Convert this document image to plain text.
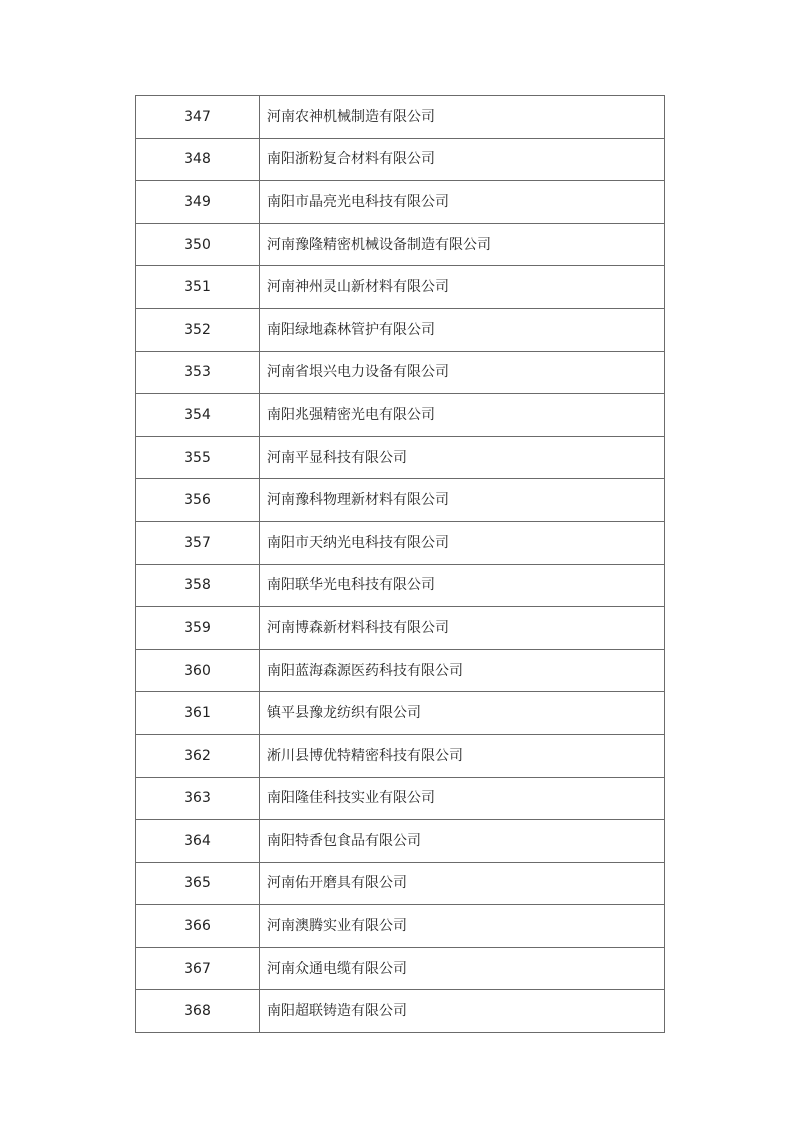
347	河南农神机械制造有限公司
348	南阳浙粉复合材料有限公司
349	南阳市晶亮光电科技有限公司
350	河南豫隆精密机械设备制造有限公司
351	河南神州灵山新材料有限公司
352	南阳绿地森林管护有限公司
353	河南省垠兴电力设备有限公司
354	南阳兆强精密光电有限公司
355	河南平显科技有限公司
356	河南豫科物理新材料有限公司
357	南阳市天纳光电科技有限公司
358	南阳联华光电科技有限公司
359	河南博森新材料科技有限公司
360	南阳蓝海森源医药科技有限公司
361	镇平县豫龙纺织有限公司
362	淅川县博优特精密科技有限公司
363	南阳隆佳科技实业有限公司
364	南阳特香包食品有限公司
365	河南佑开磨具有限公司
366	河南澳腾实业有限公司
367	河南众通电缆有限公司
368	南阳超联铸造有限公司
